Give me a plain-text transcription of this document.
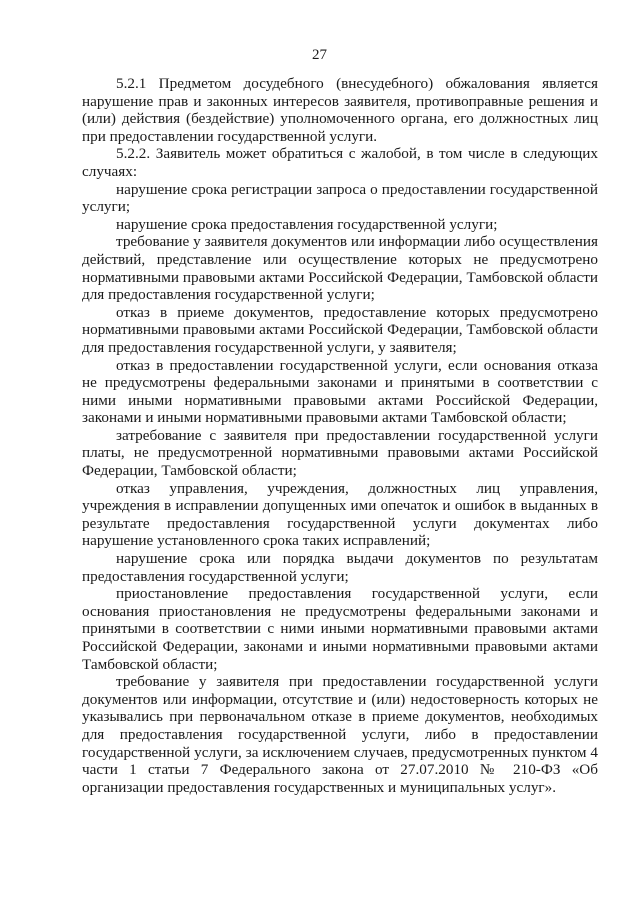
27

5.2.1 Предметом досудебного (внесудебного) обжалования является нарушение прав и законных интересов заявителя, противоправные решения и (или) действия (бездействие) уполномоченного органа, его должностных лиц при предоставлении государственной услуги.

5.2.2. Заявитель может обратиться с жалобой, в том числе в следующих случаях:

нарушение срока регистрации запроса о предоставлении государственной услуги;

нарушение срока предоставления государственной услуги;

требование у заявителя документов или информации либо осуществления действий, представление или осуществление которых не предусмотрено нормативными правовыми актами Российской Федерации, Тамбовской области для предоставления государственной услуги;

отказ в приеме документов, предоставление которых предусмотрено нормативными правовыми актами Российской Федерации, Тамбовской области для предоставления государственной услуги, у заявителя;

отказ в предоставлении государственной услуги, если основания отказа не предусмотрены федеральными законами и принятыми в соответствии с ними иными нормативными правовыми актами Российской Федерации, законами и иными нормативными правовыми актами Тамбовской области;

затребование с заявителя при предоставлении государственной услуги платы, не предусмотренной нормативными правовыми актами Российской Федерации, Тамбовской области;

отказ управления, учреждения, должностных лиц управления, учреждения в исправлении допущенных ими опечаток и ошибок в выданных в результате предоставления государственной услуги документах либо нарушение установленного срока таких исправлений;

нарушение срока или порядка выдачи документов по результатам предоставления государственной услуги;

приостановление предоставления государственной услуги, если основания приостановления не предусмотрены федеральными законами и принятыми в соответствии с ними иными нормативными правовыми актами Российской Федерации, законами и иными нормативными правовыми актами Тамбовской области;

требование у заявителя при предоставлении государственной услуги документов или информации, отсутствие и (или) недостоверность которых не указывались при первоначальном отказе в приеме документов, необходимых для предоставления государственной услуги, либо в предоставлении государственной услуги, за исключением случаев, предусмотренных пунктом 4 части 1 статьи 7 Федерального закона от 27.07.2010 № 210-ФЗ «Об организации предоставления государственных и муниципальных услуг».
